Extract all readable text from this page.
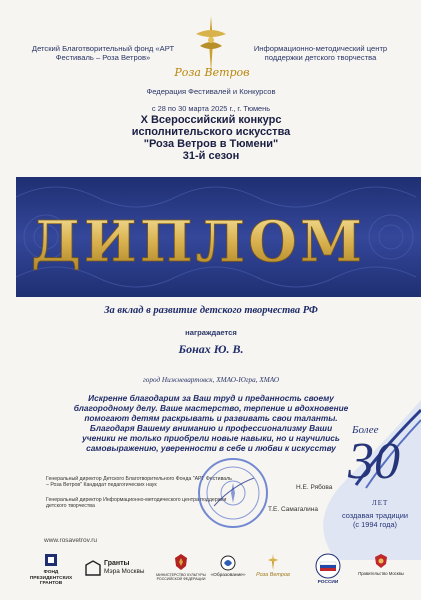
Детский Благотворительный фонд «АРТ Фестиваль – Роза Ветров»
Информационно-методический центр поддержки детского творчества
Роза Ветров
Федерация Фестивалей и Конкурсов
с 28 по 30 марта 2025 г., г. Тюмень
X Всероссийский конкурс
исполнительского искусства
"Роза Ветров в Тюмени"
31-й сезон
ДИПЛОМ
За вклад в развитие детского творчества РФ
награждается
Бонах Ю. В.
город Нижневартовск, ХМАО-Югра, ХМАО
Искренне благодарим за Ваш труд и преданность своему
благородному делу. Ваше мастерство, терпение и вдохновение
помогают детям раскрывать и развивать свои таланты.
Благодаря Вашему вниманию и профессионализму Ваши
ученики не только приобрели новые навыки, но и научились
самовыражению, уверенности в себе и любви к искусству
Более
30
ЛЕТ
создавая традиции
(с 1994 года)
Генеральный директор Детского Благотворительного Фонда "АРТ Фестиваль – Роза Ветров" Кандидат педагогических наук
Генеральный директор Информационно-методического центра поддержки детского творчества
Н.Е. Рябова
Т.Е. Самагалина
www.rosavetrov.ru
ФОНД ПРЕЗИДЕНТСКИХ ГРАНТОВ
Гранты
Мэра Москвы	МИНИСТЕРСТВО КУЛЬТУРЫ РОССИЙСКОЙ ФЕДЕРАЦИИ
«Образование»	Роза Ветров
РОССИИ
Правительство Москвы
